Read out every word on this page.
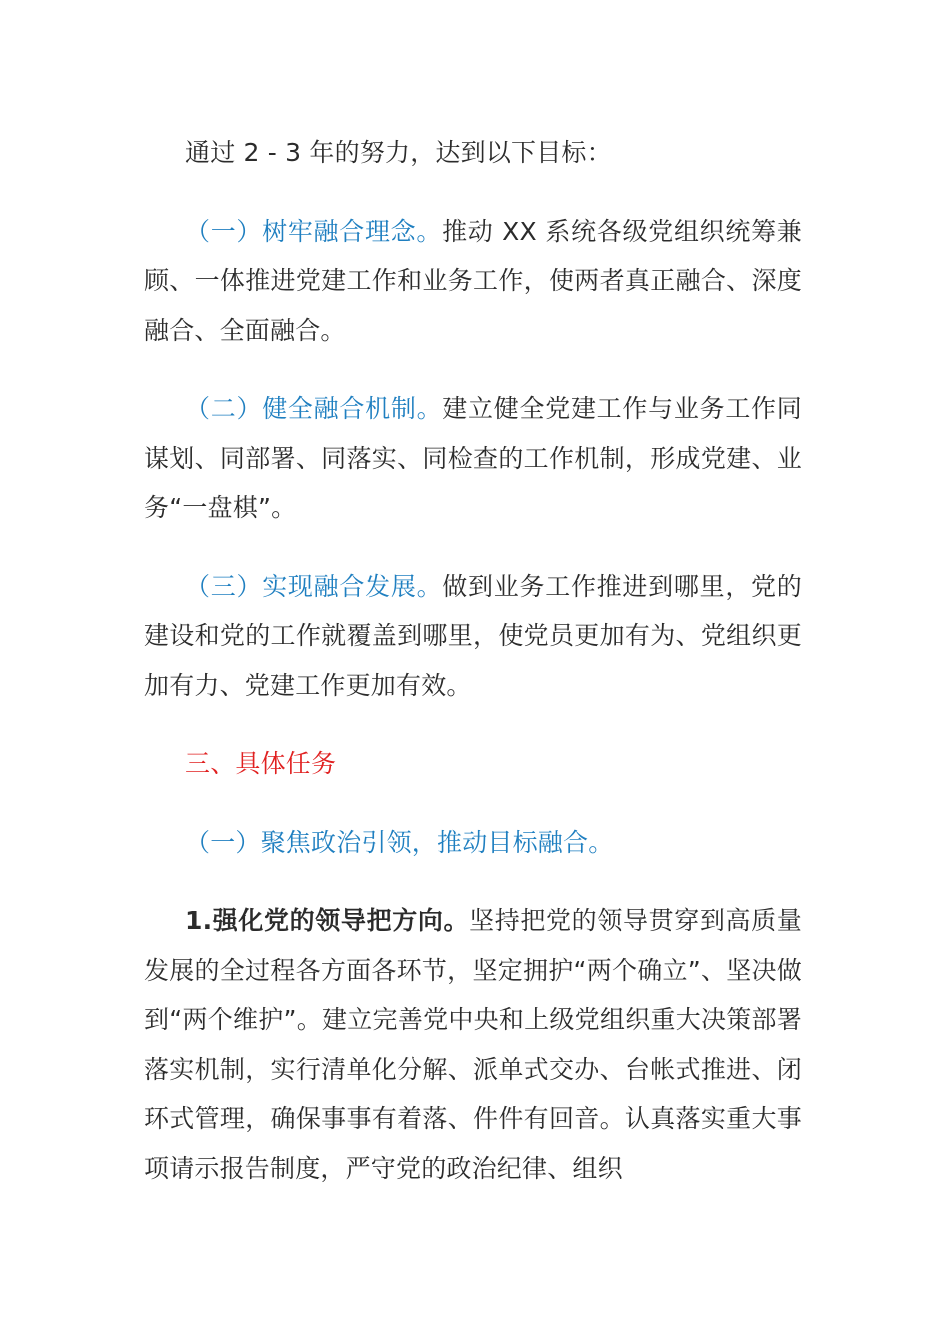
通过 2 - 3 年的努力，达到以下目标：

（一）树牢融合理念。推动 XX 系统各级党组织统筹兼顾、一体推进党建工作和业务工作，使两者真正融合、深度融合、全面融合。

（二）健全融合机制。建立健全党建工作与业务工作同谋划、同部署、同落实、同检查的工作机制，形成党建、业务“一盘棋”。

（三）实现融合发展。做到业务工作推进到哪里，党的建设和党的工作就覆盖到哪里，使党员更加有为、党组织更加有力、党建工作更加有效。

三、具体任务

（一）聚焦政治引领，推动目标融合。

1.强化党的领导把方向。坚持把党的领导贯穿到高质量发展的全过程各方面各环节，坚定拥护“两个确立”、坚决做到“两个维护”。建立完善党中央和上级党组织重大决策部署落实机制，实行清单化分解、派单式交办、台帐式推进、闭环式管理，确保事事有着落、件件有回音。认真落实重大事项请示报告制度，严守党的政治纪律、组织
